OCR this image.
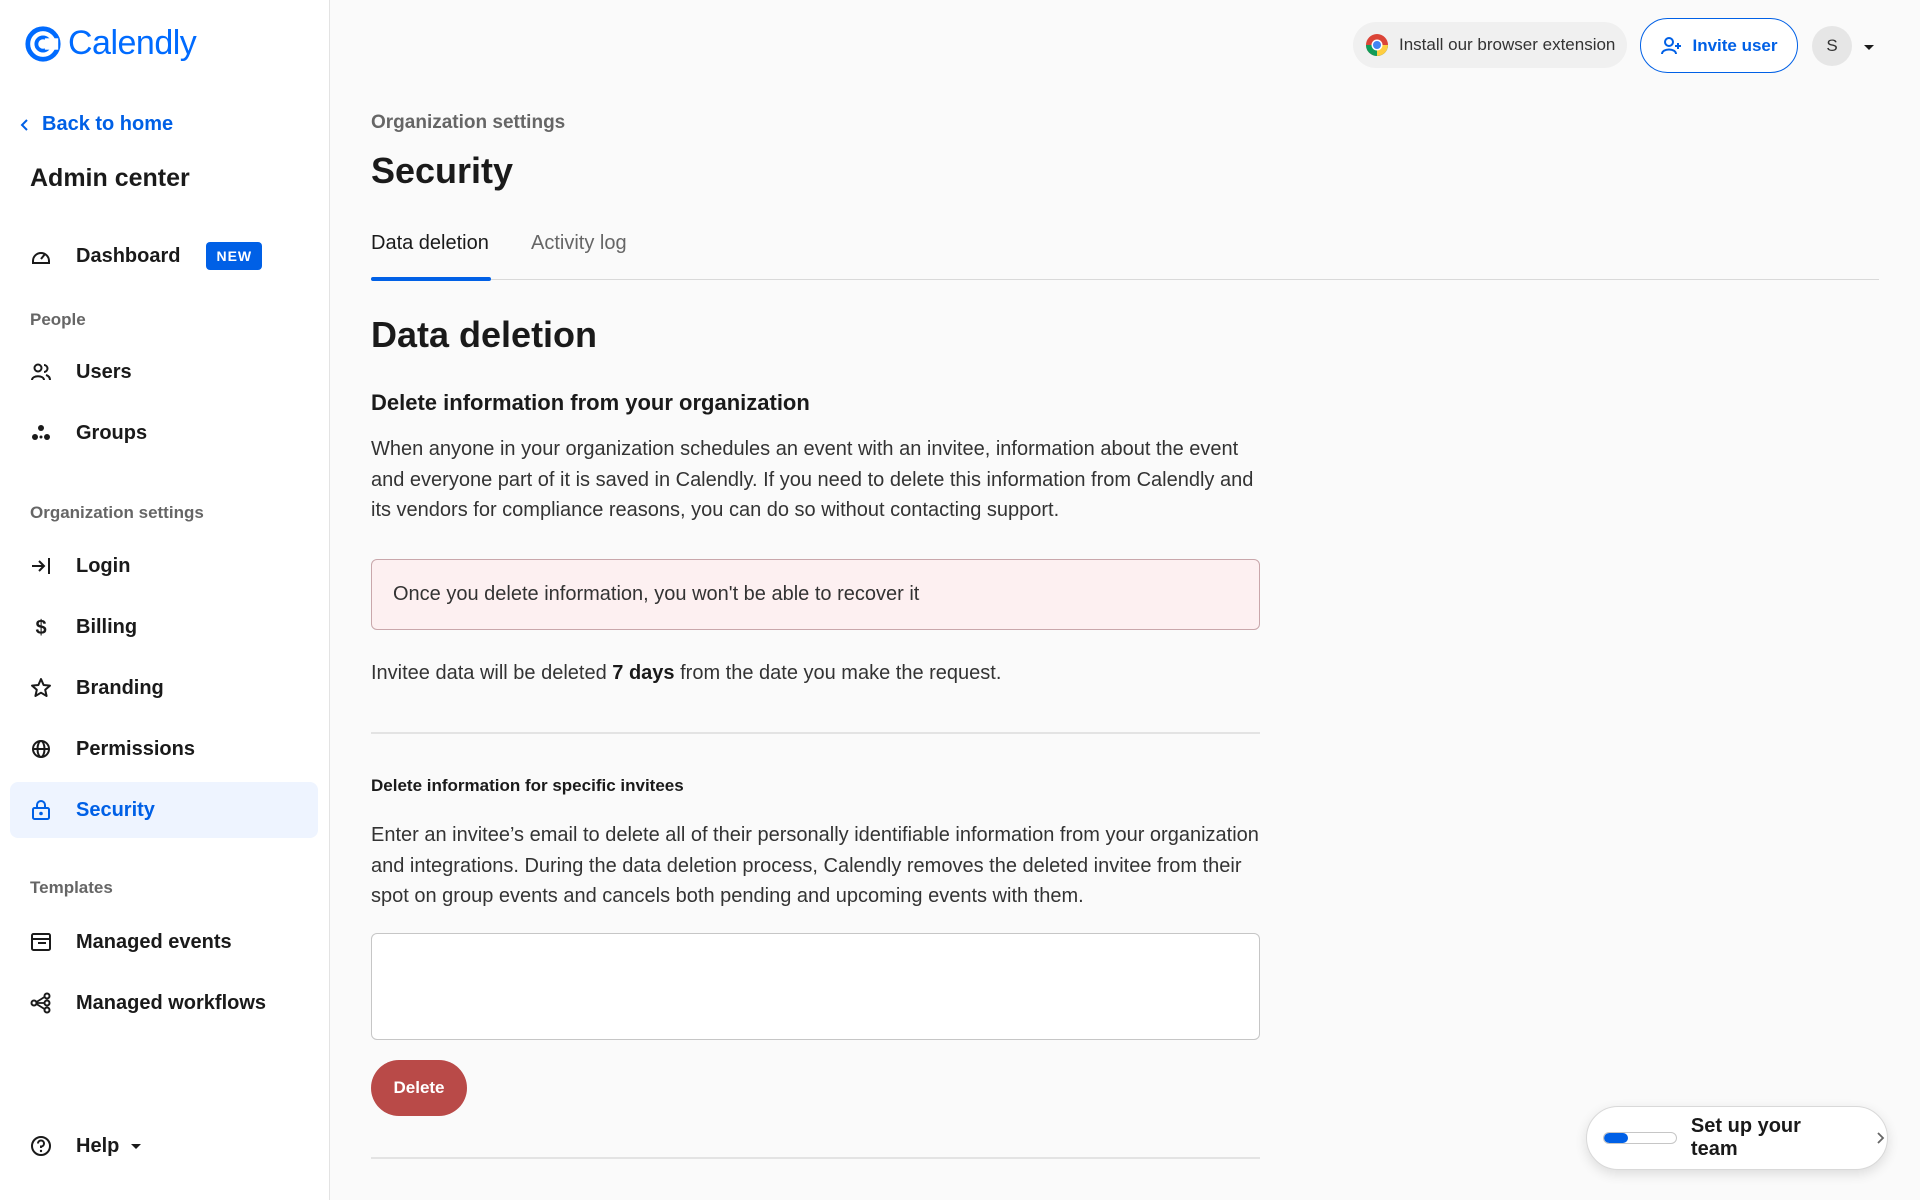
Calendly
Back to home
Admin center
Dashboard	NEW
People
Users
Groups
Organization settings
Login
$ Billing
Branding
Permissions
Security
Templates
Managed events
Managed workflows
Help
Install our browser extension	Invite user	S
Organization settings
Security
Data deletion Activity log
Data deletion
Delete information from your organization

When anyone in your organization schedules an event with an invitee, information about the event and everyone part of it is saved in Calendly. If you need to delete this information from Calendly and its vendors for compliance reasons, you can do so without contacting support.

Once you delete information, you won't be able to recover it

Invitee data will be deleted 7 days from the date you make the request.

Delete information for specific invitees

Enter an invitee’s email to delete all of their personally identifiable information from your organization and integrations. During the data deletion process, Calendly removes the deleted invitee from their spot on group events and cancels both pending and upcoming events with them.

Delete
Set up your team
